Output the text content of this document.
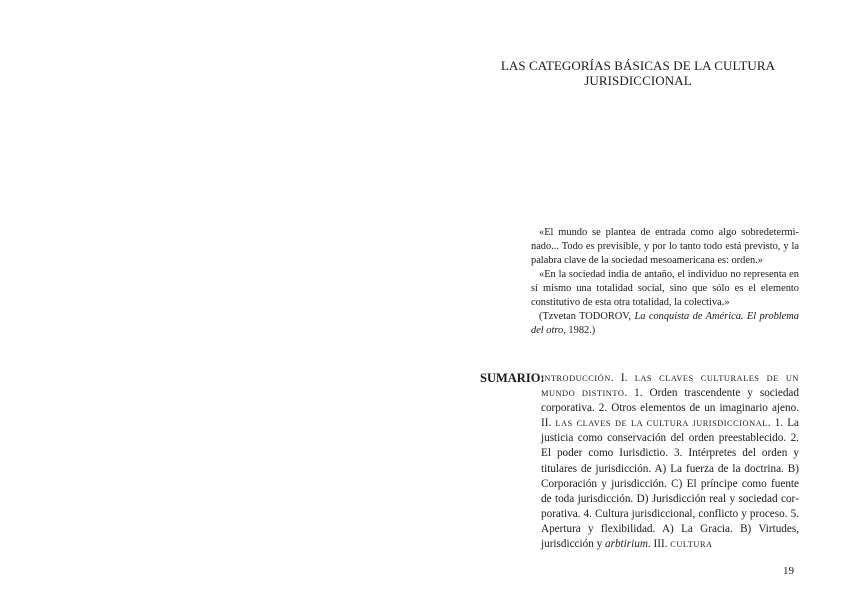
LAS CATEGORÍAS BÁSICAS DE LA CULTURA
JURISDICCIONAL
«El mundo se plantea de entrada como algo sobredeterminado... Todo es previsible, y por lo tanto todo está previsto, y la palabra clave de la sociedad mesoamericana es: orden.»
«En la sociedad india de antaño, el individuo no representa en sí mismo una totalidad social, sino que sólo es el elemento constitutivo de esta otra totalidad, la colectiva.»
(Tzvetan TODOROV, La conquista de América. El problema del otro, 1982.)
SUMARIO:
INTRODUCCIÓN. I. LAS CLAVES CULTURALES DE UN MUNDO DISTINTO. 1. Orden trascendente y sociedad corporativa. 2. Otros elementos de un imaginario ajeno. II. LAS CLAVES DE LA CULTURA JURISDICCIONAL. 1. La justicia como conservación del orden preestablecido. 2. El poder como Iurisdictio. 3. Intérpretes del orden y titulares de jurisdicción. A) La fuerza de la doctrina. B) Corporación y jurisdicción. C) El príncipe como fuente de toda jurisdicción. D) Jurisdicción real y sociedad corporativa. 4. Cultura jurisdiccional, conflicto y proceso. 5. Apertura y flexibilidad. A) La Gracia. B) Virtudes, jurisdicción y arbtirium. III. CULTURA
19
